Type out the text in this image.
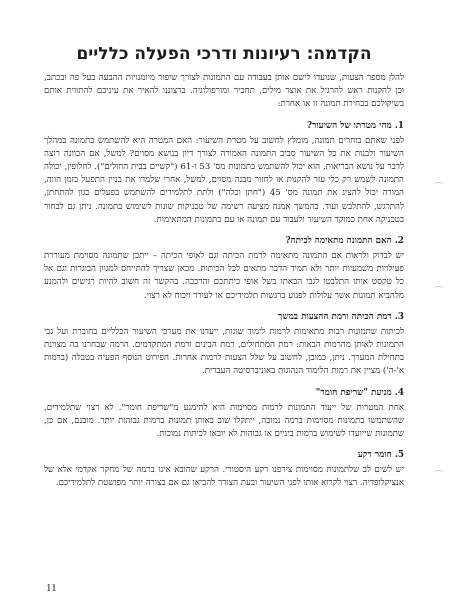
הקדמה: רעיונות ודרכי הפעלה כלליים

להלן מספר הצעות, שנועדו לישם אותן בעבודה עם התמונות לצורך שיפור מיומנויות ההבעה בעל פה ובכתב, וכן להקנות ראש להרגיל את אוצר מילים, תחביר ומורפולוגיה. ברצוננו להאיר את עיניכם להתווית אותם בשיקולכם בבחירת תמונה זו או אחרת:

1. מהי מטרתו של השיעור?

לפני שאתם בוחרים תמונה, מומלץ לחשוב על מטרת השיעור: האם המטרה היא להשתמש בתמונה במהלך השיעור ולבנות את כל השיעור סביב התמונה האמורה לצורך דיון בנושא מסוים? למשל, אם הכוונה רוצה לדבר על נושא הבריאות, הוא יכול להשתמש בתמונות מס' 53 ו-61 ("קשיים בבית החולים"). לחלופין, יכולה התמונה לשמש רק כלי עזר להקנות או לחזור מבנה מסוים, למשל, אחרי שלמדו את בניין התפעל בזמן הווה, המורה יכול להציג את תמונה מס' 45 ("חתן וכלה") ולתת לתלמידים להשתמש בפעלים כגון להתחתן, להתרגש, להתלבש ועוד. בהמשך אמנה מציעה רשימה של טכניקות שונות לשימוש בתמונה. ניתן גם לבחור בטכניקה אחת כמוקד השיעור ולעבוד עם תמונה או עם בתמונות המתאימות.

2. האם התמונה מתאימה לכיתה?

יש לבדוק ולראות אם התמונה מתאימה לרמת הכיתה וגם לאופי הכיתה – ייתכן שתמונה מסוימת מעוררת פעילויות משמעיות יותר ולא תמיד הדבר מתאים לכל הכיתות. מכאן שצריך להתייחס למגוון הבוגרות וגם אל כל טקסט איתו התלבטו לגבי הבאתו בשל אופי כיתתכם והרכבה. בהקשר זה חשוב להיות רגישים ולהמנע מלהביא תמונות אשר עלולות לפגוע ברגשות תלמידיכם או לעורר ויכוח לא רצוי.

3. רמת הכיתה ורמת ההצעות במשך

לכיתות שתמונות רבות מתאימות לרמות לימוד שונות, ייעדנו את מערכי השיעור הכלליים בחוברת ועל גבי התמונות לאותן מהרמות הבאות: רמת המתחילים, רמת הבינים ורמת המתקדמים. הרמה שבחרנו בה מצוינת בתחילת המערך. ניתן, כמובן, לחשוב על שלל הצעות לרמות אחרות. הפירוט הנוסף הפעיה בטבלה (ברמות א'-ה') מציין את רמות הלימוד הנהוגות באוניברסיטה העברית.

4. מניעת "שריפת חומר"

אחת המטרות של ייעוד התמונות לרמות מסוימות היא להימנע מ"שריפת חומר". לא רצוי שתלמידים, שהשתמשו בתמונות מסוימות ברמה נמוכה, ייתקלו שוב באותן תמונות ברמות גבוהות יותר. מובנם, אם כן, שתמונות שייועדו לשימוש ברמות ביניים או גבוהות לא יובאו לכיתות נמוכות.

5. חומר רקע

יש לשים לב שלתמונות מסוימות צירפנו רקע היסטורי. הרקע שהובא אינו ברמה של מחקר אקדמי אלא של אנציקלופדיה. רצוי לקרוא אותו לפני השיעור ובעת הצורך להביאו גם אם בצורה יותר מפושטת לתלמידיכם.

11
